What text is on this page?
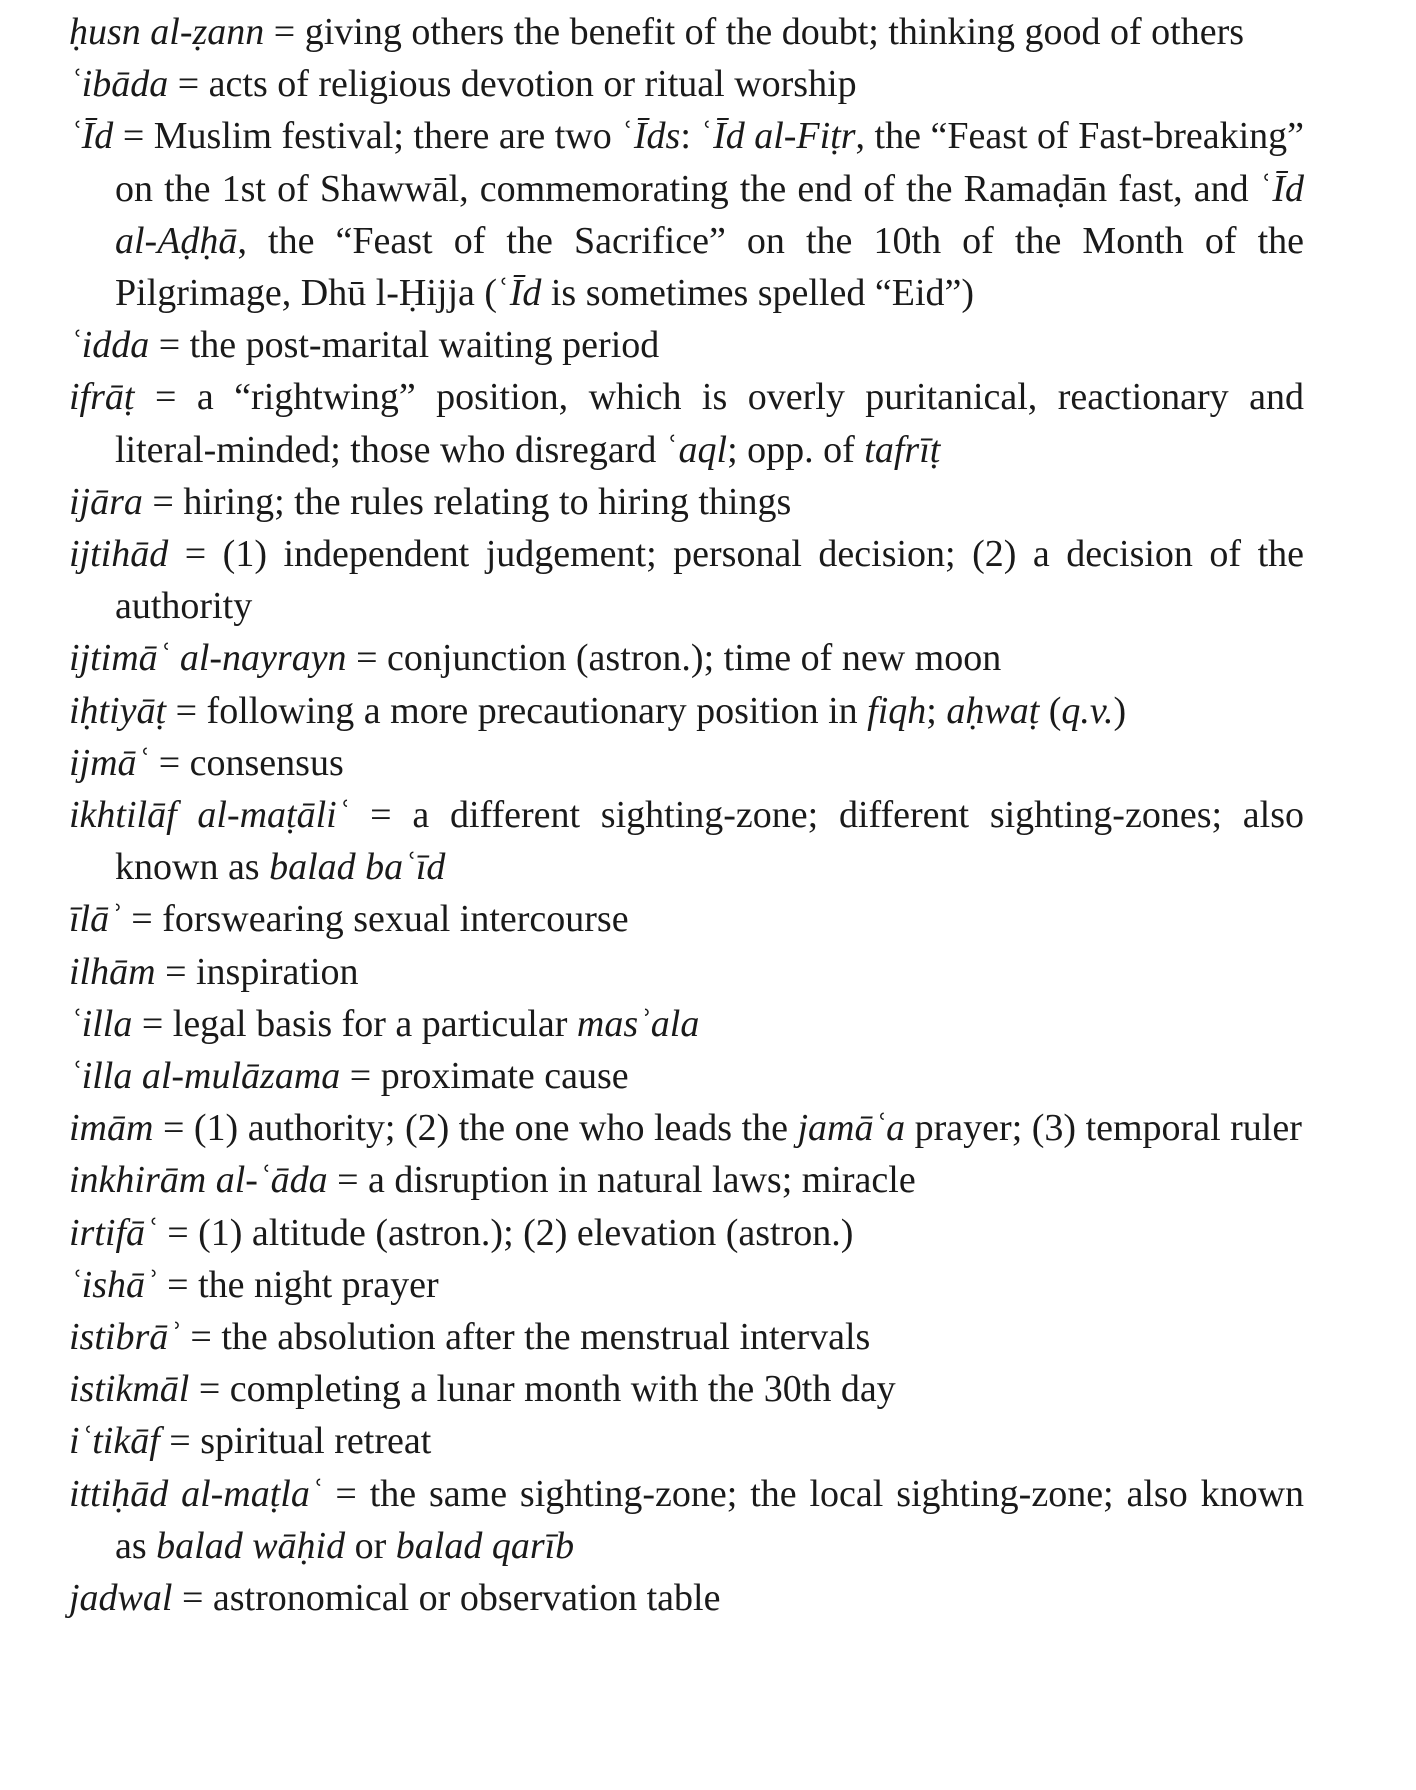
ḥusn al-ẓann = giving others the benefit of the doubt; thinking good of others

ʿibāda = acts of religious devotion or ritual worship

ʿĪd = Muslim festival; there are two ʿĪds: ʿĪd al-Fiṭr, the “Feast of Fast-breaking” on the 1st of Shawwāl, commemorating the end of the Ramaḍān fast, and ʿĪd al-Aḍḥā, the “Feast of the Sacrifice” on the 10th of the Month of the Pilgrimage, Dhū l-Ḥijja (ʿĪd is sometimes spelled “Eid”)

ʿidda = the post-marital waiting period

ifrāṭ = a “rightwing” position, which is overly puritanical, reactionary and literal-minded; those who disregard ʿaql; opp. of tafrīṭ

ijāra = hiring; the rules relating to hiring things

ijtihād = (1) independent judgement; personal decision; (2) a decision of the authority

ijtimāʿ al-nayrayn = conjunction (astron.); time of new moon

iḥtiyāṭ = following a more precautionary position in fiqh; aḥwaṭ (q.v.)

ijmāʿ = consensus

ikhtilāf al-maṭāliʿ = a different sighting-zone; different sighting-zones; also known as balad baʿīd

īlāʾ = forswearing sexual intercourse

ilhām = inspiration

ʿilla = legal basis for a particular masʾala

ʿilla al-mulāzama = proximate cause

imām = (1) authority; (2) the one who leads the jamāʿa prayer; (3) temporal ruler

inkhirām al-ʿāda = a disruption in natural laws; miracle

irtifāʿ = (1) altitude (astron.); (2) elevation (astron.)

ʿishāʾ = the night prayer

istibrāʾ = the absolution after the menstrual intervals

istikmāl = completing a lunar month with the 30th day

iʿtikāf = spiritual retreat

ittiḥād al-maṭlaʿ = the same sighting-zone; the local sighting-zone; also known as balad wāḥid or balad qarīb

jadwal = astronomical or observation table
